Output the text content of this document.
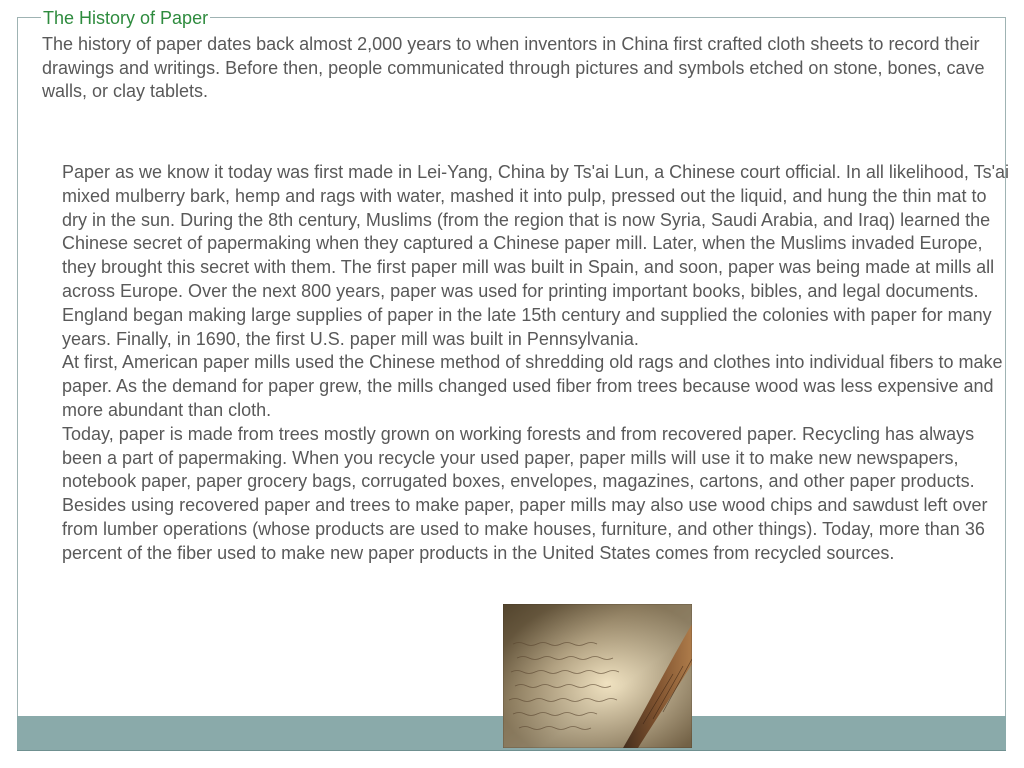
The History of Paper
The history of paper dates back almost 2,000 years to when inventors in China first crafted cloth sheets to record their drawings and writings. Before then, people communicated through pictures and symbols etched on stone, bones, cave walls, or clay tablets.

Paper as we know it today was first made in Lei-Yang, China by Ts'ai Lun, a Chinese court official. In all likelihood, Ts'ai mixed mulberry bark, hemp and rags with water, mashed it into pulp, pressed out the liquid, and hung the thin mat to dry in the sun. During the 8th century, Muslims (from the region that is now Syria, Saudi Arabia, and Iraq) learned the Chinese secret of papermaking when they captured a Chinese paper mill. Later, when the Muslims invaded Europe, they brought this secret with them. The first paper mill was built in Spain, and soon, paper was being made at mills all across Europe. Over the next 800 years, paper was used for printing important books, bibles, and legal documents. England began making large supplies of paper in the late 15th century and supplied the colonies with paper for many years. Finally, in 1690, the first U.S. paper mill was built in Pennsylvania.

At first, American paper mills used the Chinese method of shredding old rags and clothes into individual fibers to make paper. As the demand for paper grew, the mills changed used fiber from trees because wood was less expensive and more abundant than cloth.

Today, paper is made from trees mostly grown on working forests and from recovered paper. Recycling has always been a part of papermaking. When you recycle your used paper, paper mills will use it to make new newspapers, notebook paper, paper grocery bags, corrugated boxes, envelopes, magazines, cartons, and other paper products.

Besides using recovered paper and trees to make paper, paper mills may also use wood chips and sawdust left over from lumber operations (whose products are used to make houses, furniture, and other things). Today, more than 36 percent of the fiber used to make new paper products in the United States comes from recycled sources.
